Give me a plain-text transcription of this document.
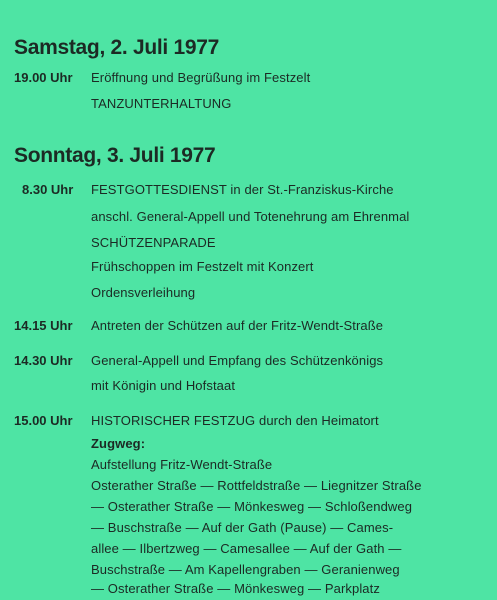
Samstag, 2. Juli 1977
19.00 Uhr Eröffnung und Begrüßung im Festzelt
TANZUNTERHALTUNG
Sonntag, 3. Juli 1977
8.30 Uhr FESTGOTTESDIENST in der St.-Franziskus-Kirche
anschl. General-Appell und Totenehrung am Ehrenmal
SCHÜTZENPARADE
Frühschoppen im Festzelt mit Konzert
Ordensverleihung
14.15 Uhr Antreten der Schützen auf der Fritz-Wendt-Straße
14.30 Uhr General-Appell und Empfang des Schützenkönigs
mit Königin und Hofstaat
15.00 Uhr HISTORISCHER FESTZUG durch den Heimatort
Zugweg:
Aufstellung Fritz-Wendt-Straße
Osterather Straße — Rottfeldstraße — Liegnitzer Straße
— Osterather Straße — Mönkesweg — Schloßendweg
— Buschstraße — Auf der Gath (Pause) — Cames-
allee — Ilbertzweg — Camesallee — Auf der Gath —
Buschstraße — Am Kapellengraben — Geranienweg
— Osterather Straße — Mönkesweg — Parkplatz
